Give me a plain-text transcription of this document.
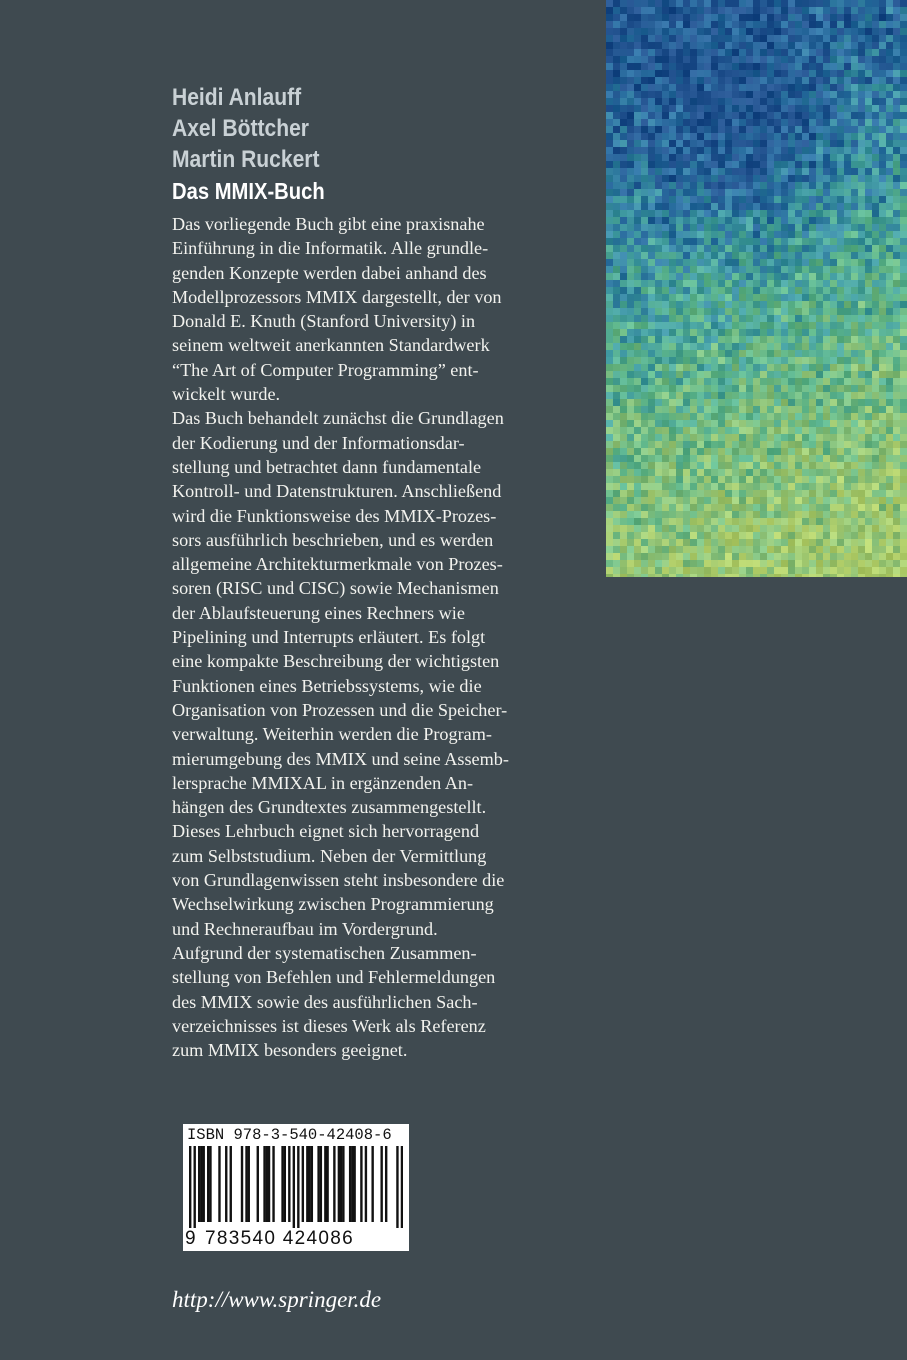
Heidi Anlauff
Axel Böttcher
Martin Ruckert
Das MMIX-Buch
Das vorliegende Buch gibt eine praxisnahe
Einführung in die Informatik. Alle grundle-
genden Konzepte werden dabei anhand des
Modellprozessors MMIX dargestellt, der von
Donald E. Knuth (Stanford University) in
seinem weltweit anerkannten Standardwerk
“The Art of Computer Programming” ent-
wickelt wurde.
Das Buch behandelt zunächst die Grundlagen
der Kodierung und der Informationsdar-
stellung und betrachtet dann fundamentale
Kontroll- und Datenstrukturen. Anschließend
wird die Funktionsweise des MMIX-Prozes-
sors ausführlich beschrieben, und es werden
allgemeine Architekturmerkmale von Prozes-
soren (RISC und CISC) sowie Mechanismen
der Ablaufsteuerung eines Rechners wie
Pipelining und Interrupts erläutert. Es folgt
eine kompakte Beschreibung der wichtigsten
Funktionen eines Betriebssystems, wie die
Organisation von Prozessen und die Speicher-
verwaltung. Weiterhin werden die Program-
mierumgebung des MMIX und seine Assemb-
lersprache MMIXAL in ergänzenden An-
hängen des Grundtextes zusammengestellt.
Dieses Lehrbuch eignet sich hervorragend
zum Selbststudium. Neben der Vermittlung
von Grundlagenwissen steht insbesondere die
Wechselwirkung zwischen Programmierung
und Rechneraufbau im Vordergrund.
Aufgrund der systematischen Zusammen-
stellung von Befehlen und Fehlermeldungen
des MMIX sowie des ausführlichen Sach-
verzeichnisses ist dieses Werk als Referenz
zum MMIX besonders geeignet.
ISBN 978-3-540-42408-6
9 783540 424086
http://www.springer.de
